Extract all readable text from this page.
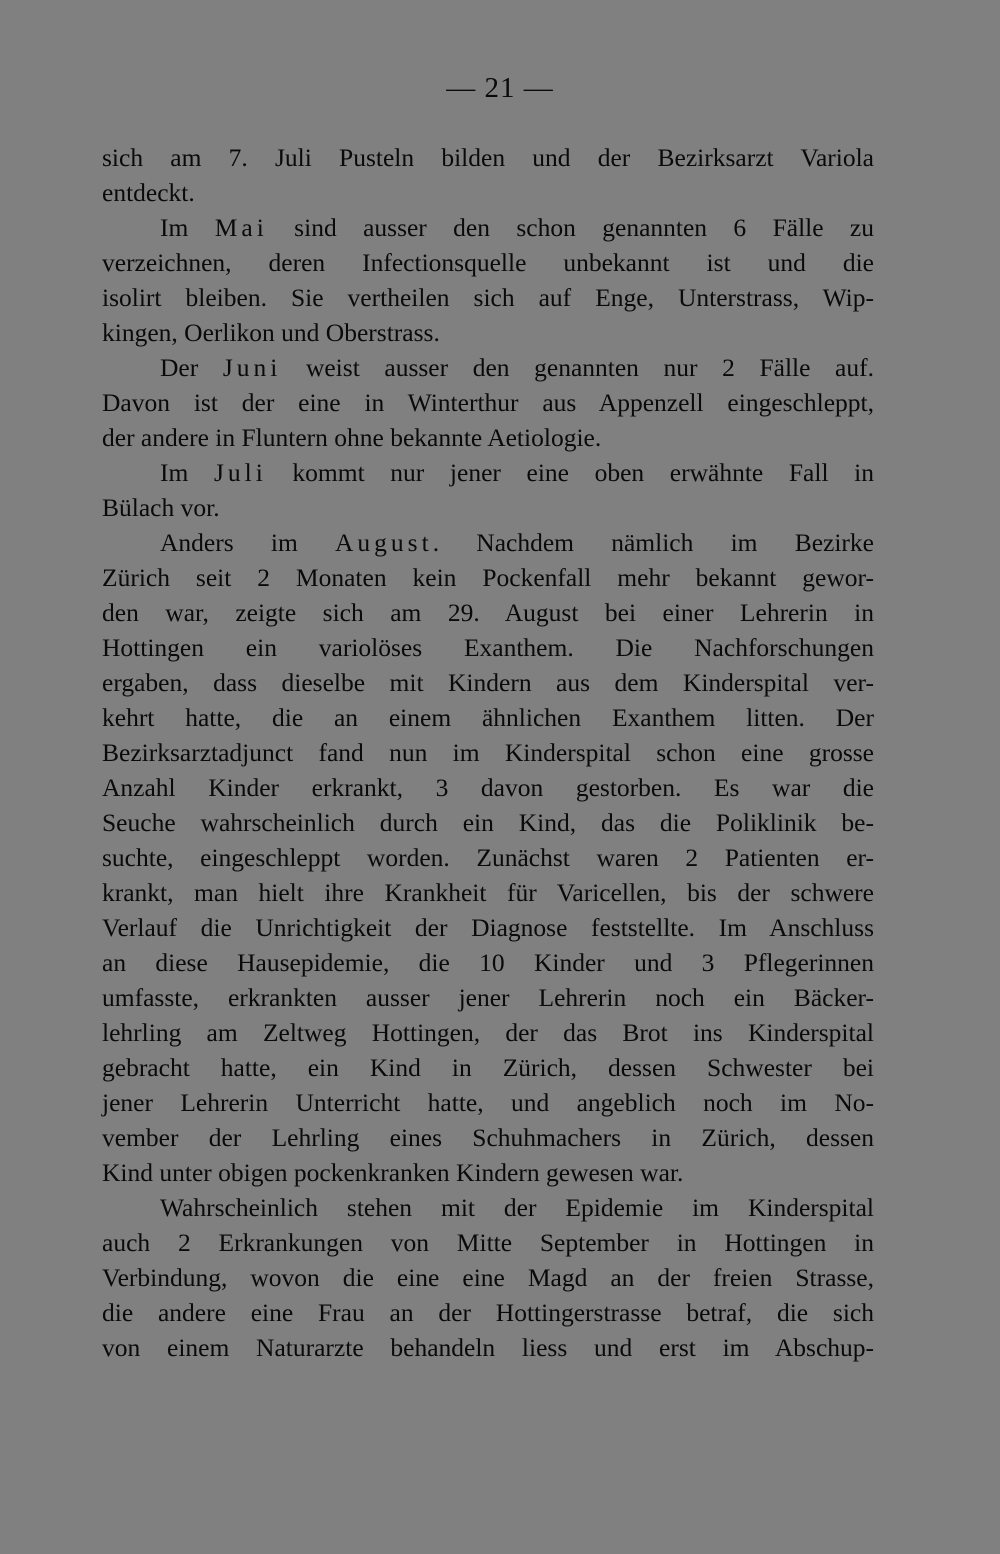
— 21 —
sich am 7. Juli Pusteln bilden und der Bezirksarzt Variola
entdeckt.
Im Mai sind ausser den schon genannten 6 Fälle zu
verzeichnen, deren Infectionsquelle unbekannt ist und die
isolirt bleiben. Sie vertheilen sich auf Enge, Unterstrass, Wip-
kingen, Oerlikon und Oberstrass.
Der Juni weist ausser den genannten nur 2 Fälle auf.
Davon ist der eine in Winterthur aus Appenzell eingeschleppt,
der andere in Fluntern ohne bekannte Aetiologie.
Im Juli kommt nur jener eine oben erwähnte Fall in
Bülach vor.
Anders im August. Nachdem nämlich im Bezirke
Zürich seit 2 Monaten kein Pockenfall mehr bekannt gewor-
den war, zeigte sich am 29. August bei einer Lehrerin in
Hottingen ein variolöses Exanthem. Die Nachforschungen
ergaben, dass dieselbe mit Kindern aus dem Kinderspital ver-
kehrt hatte, die an einem ähnlichen Exanthem litten. Der
Bezirksarztadjunct fand nun im Kinderspital schon eine grosse
Anzahl Kinder erkrankt, 3 davon gestorben. Es war die
Seuche wahrscheinlich durch ein Kind, das die Poliklinik be-
suchte, eingeschleppt worden. Zunächst waren 2 Patienten er-
krankt, man hielt ihre Krankheit für Varicellen, bis der schwere
Verlauf die Unrichtigkeit der Diagnose feststellte. Im Anschluss
an diese Hausepidemie, die 10 Kinder und 3 Pflegerinnen
umfasste, erkrankten ausser jener Lehrerin noch ein Bäcker-
lehrling am Zeltweg Hottingen, der das Brot ins Kinderspital
gebracht hatte, ein Kind in Zürich, dessen Schwester bei
jener Lehrerin Unterricht hatte, und angeblich noch im No-
vember der Lehrling eines Schuhmachers in Zürich, dessen
Kind unter obigen pockenkranken Kindern gewesen war.
Wahrscheinlich stehen mit der Epidemie im Kinderspital
auch 2 Erkrankungen von Mitte September in Hottingen in
Verbindung, wovon die eine eine Magd an der freien Strasse,
die andere eine Frau an der Hottingerstrasse betraf, die sich
von einem Naturarzte behandeln liess und erst im Abschup-
